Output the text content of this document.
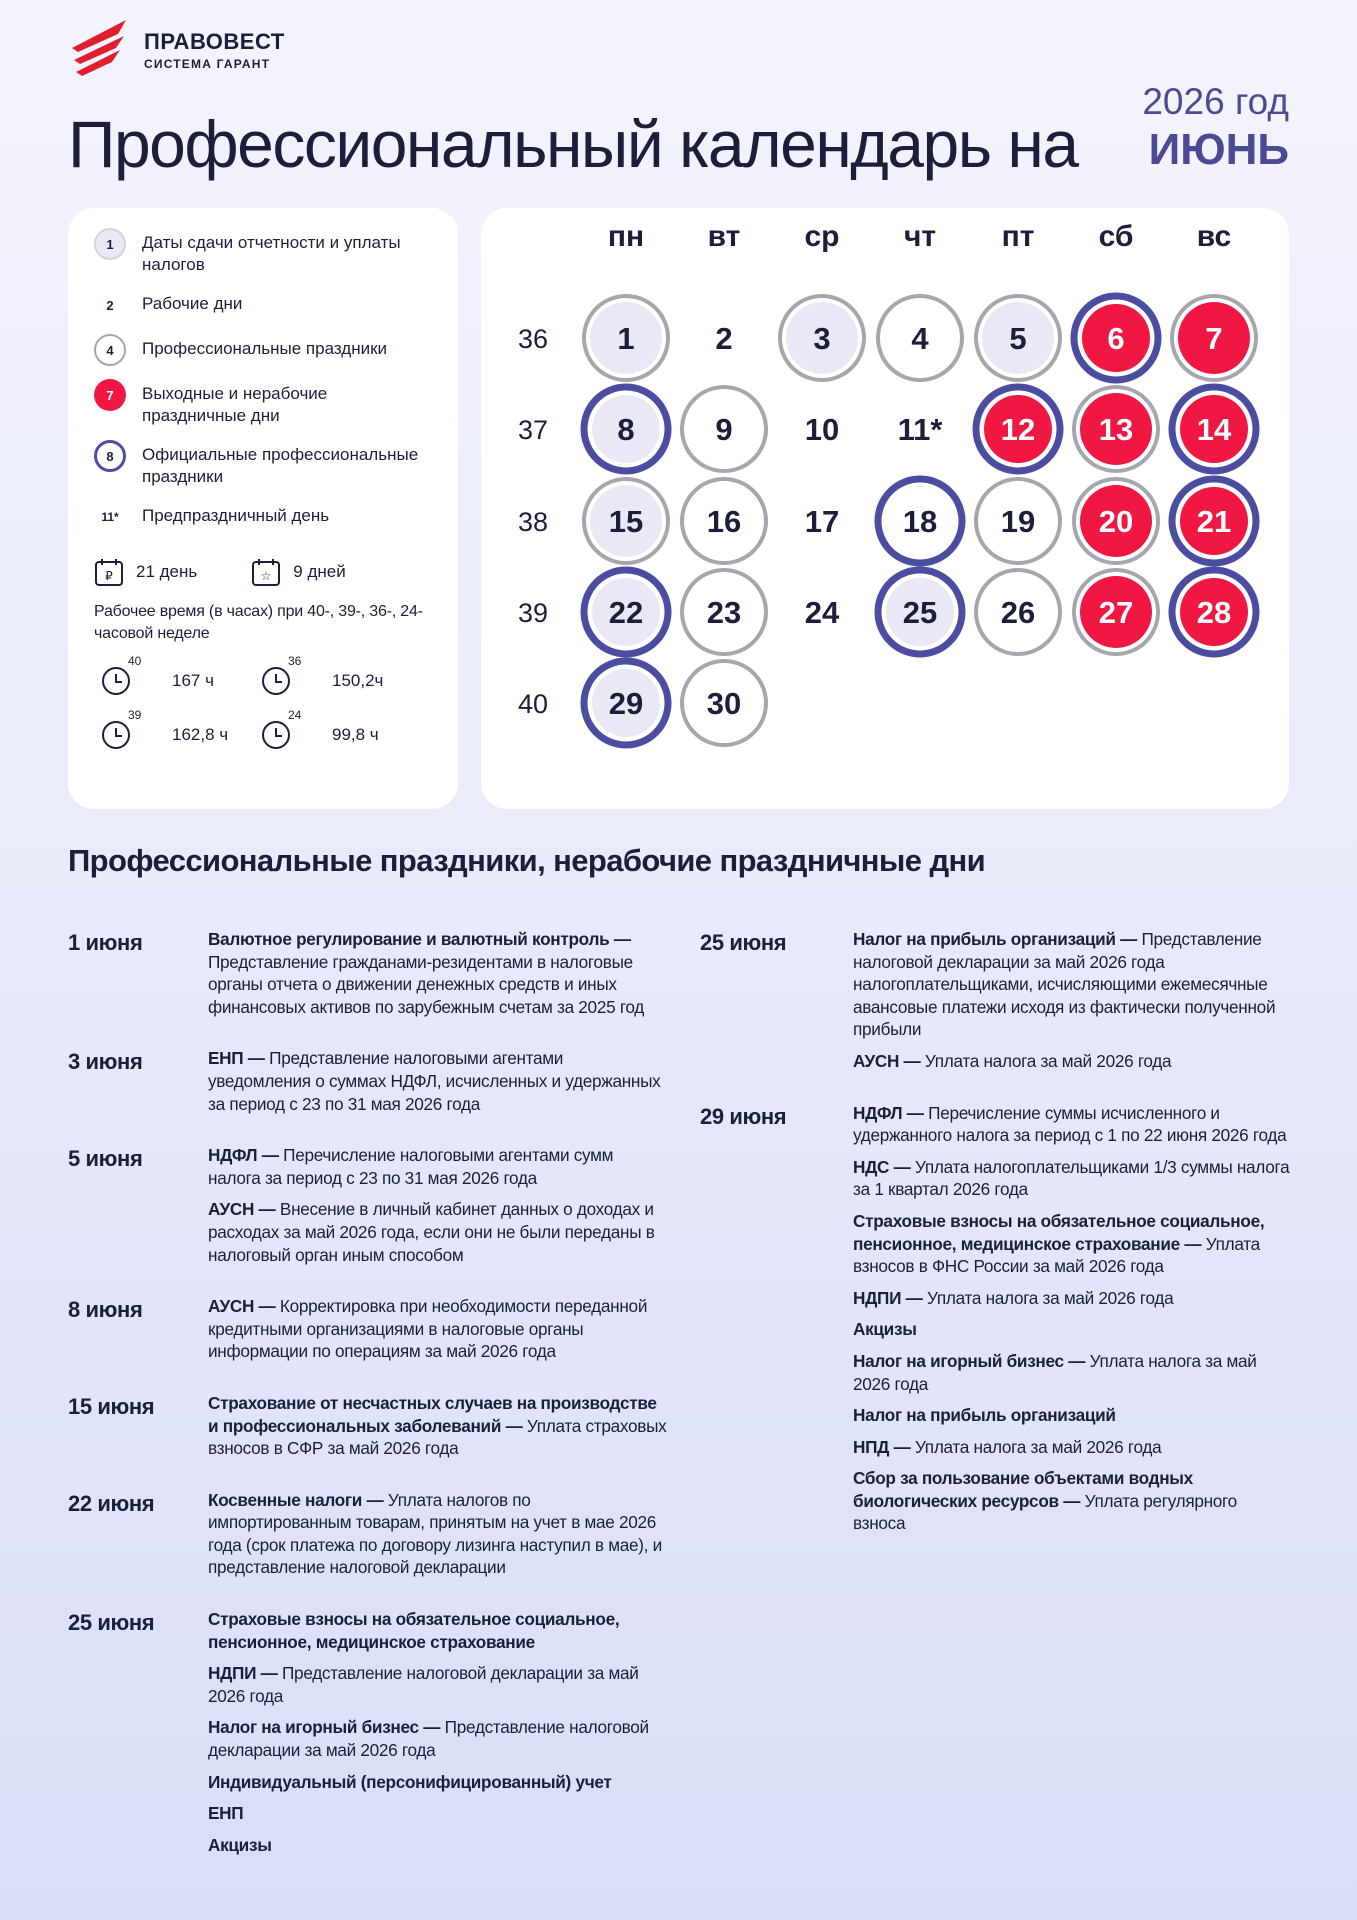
ПРАВОВЕСТ
СИСТЕМА ГАРАНТ
Профессиональный календарь на
2026 год
ИЮНЬ
1	Даты сдачи отчетности и уплаты налогов
2	Рабочие дни
4	Профессиональные праздники
7	Выходные и нерабочие праздничные дни
8	Официальные профессиональные праздники
11*	Предпраздничный день
₽ 21 день	☆ 9 дней
Рабочее время (в часах) при 40-, 39-, 36-, 24-часовой неделе
40
167 ч
36
150,2ч
39
162,8 ч
24
99,8 ч
пн вт ср чт пт сб вс
36 1	2	3	4	5	6	7
37 8	9 10 11* 12 13 14
38 15 16 17 18 19 20 21
39 22 23 24 25 26 27 28
40 29 30
Профессиональные праздники, нерабочие праздничные дни
1 июня	Валютное регулирование и валютный контроль — Представление гражданами-резидентами в налоговые органы отчета о движении денежных средств и иных финансовых активов по зарубежным счетам за 2025 год
3 июня	ЕНП — Представление налоговыми агентами уведомления о суммах НДФЛ, исчисленных и удержанных за период с 23 по 31 мая 2026 года
5 июня	НДФЛ — Перечисление налоговыми агентами сумм налога за период с 23 по 31 мая 2026 года
АУСН — Внесение в личный кабинет данных о доходах и расходах за май 2026 года, если они не были переданы в налоговый орган иным способом
8 июня	АУСН — Корректировка при необходимости переданной кредитными организациями в налоговые органы информации по операциям за май 2026 года
15 июня	Страхование от несчастных случаев на производстве и профессиональных заболеваний — Уплата страховых взносов в СФР за май 2026 года
22 июня	Косвенные налоги — Уплата налогов по импортированным товарам, принятым на учет в мае 2026 года (срок платежа по договору лизинга наступил в мае), и представление налоговой декларации
25 июня	Страховые взносы на обязательное социальное, пенсионное, медицинское страхование
НДПИ — Представление налоговой декларации за май 2026 года
Налог на игорный бизнес — Представление налоговой декларации за май 2026 года
Индивидуальный (персонифицированный) учет
ЕНП
Акцизы
25 июня	Налог на прибыль организаций — Представление налоговой декларации за май 2026 года налогоплательщиками, исчисляющими ежемесячные авансовые платежи исходя из фактически полученной прибыли
АУСН — Уплата налога за май 2026 года
29 июня	НДФЛ — Перечисление суммы исчисленного и удержанного налога за период с 1 по 22 июня 2026 года
НДС — Уплата налогоплательщиками 1/3 суммы налога за 1 квартал 2026 года
Страховые взносы на обязательное социальное, пенсионное, медицинское страхование — Уплата взносов в ФНС России за май 2026 года
НДПИ — Уплата налога за май 2026 года
Акцизы
Налог на игорный бизнес — Уплата налога за май 2026 года
Налог на прибыль организаций
НПД — Уплата налога за май 2026 года
Сбор за пользование объектами водных биологических ресурсов — Уплата регулярного взноса
